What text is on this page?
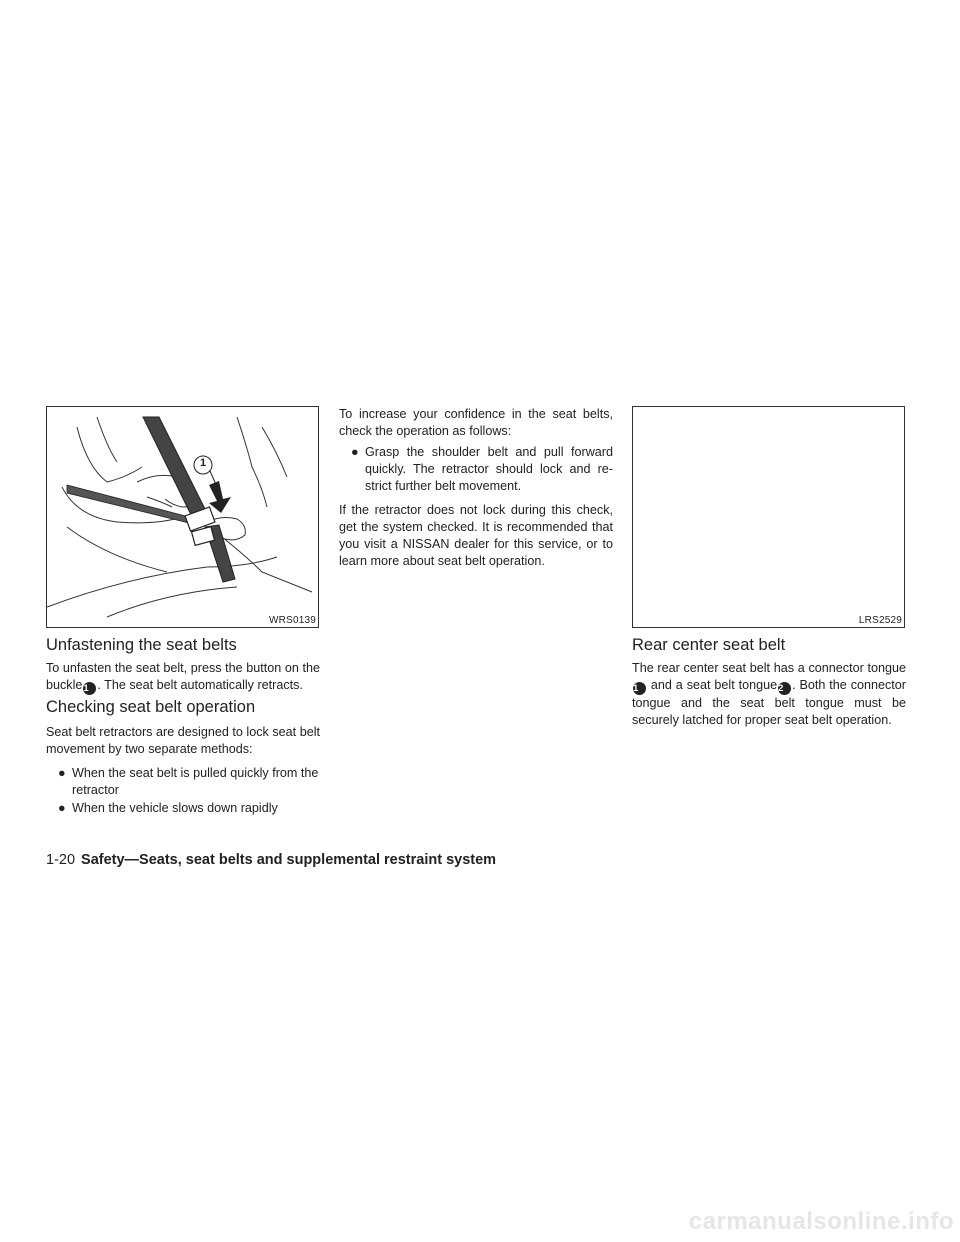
1
WRS0139	LRS2529
Unfastening the seat belts

To unfasten the seat belt, press the button on the buckle1 . The seat belt automatically retracts.

Checking seat belt operation

Seat belt retractors are designed to lock seat belt movement by two separate methods:

● When the seat belt is pulled quickly from the retractor
● When the vehicle slows down rapidly

To increase your confidence in the seat belts, check the operation as follows:

● Grasp the shoulder belt and pull forward quickly. The retractor should lock and re-strict further belt movement.

If the retractor does not lock during this check, get the system checked. It is recommended that you visit a NISSAN dealer for this service, or to learn more about seat belt operation.

Rear center seat belt

The rear center seat belt has a connector tongue 1 and a seat belt tongue2 . Both the connector tongue and the seat belt tongue must be securely latched for proper seat belt operation.

1-20 Safety—Seats, seat belts and supplemental restraint system
carmanualsonline.info
